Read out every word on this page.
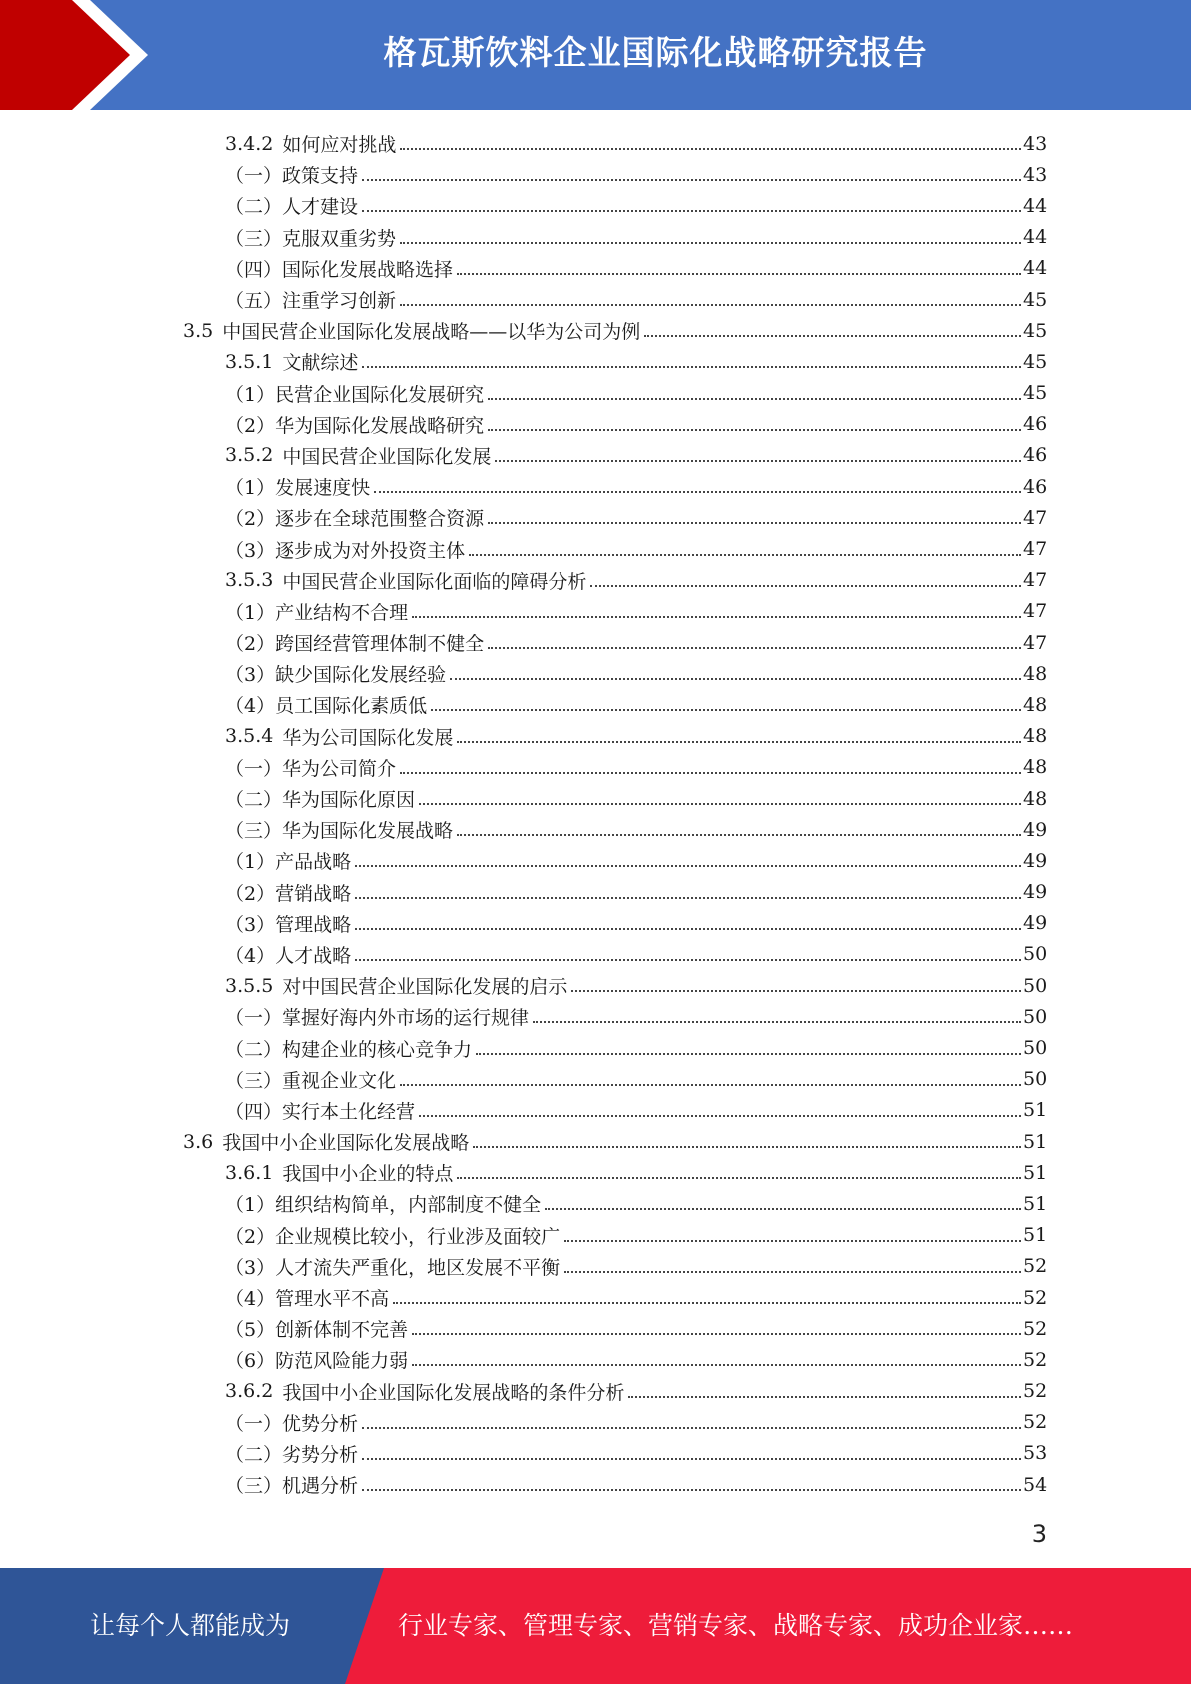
格瓦斯饮料企业国际化战略研究报告
3.4.2 如何应对挑战	43
（一）政策支持	43
（二）人才建设	44
（三）克服双重劣势	44
（四）国际化发展战略选择	44
（五）注重学习创新	45
3.5 中国民营企业国际化发展战略——以华为公司为例	45
3.5.1 文献综述	45
（1）民营企业国际化发展研究	45
（2）华为国际化发展战略研究	46
3.5.2 中国民营企业国际化发展	46
（1）发展速度快	46
（2）逐步在全球范围整合资源	47
（3）逐步成为对外投资主体	47
3.5.3 中国民营企业国际化面临的障碍分析	47
（1）产业结构不合理	47
（2）跨国经营管理体制不健全	47
（3）缺少国际化发展经验	48
（4）员工国际化素质低	48
3.5.4 华为公司国际化发展	48
（一）华为公司简介	48
（二）华为国际化原因	48
（三）华为国际化发展战略	49
（1）产品战略	49
（2）营销战略	49
（3）管理战略	49
（4）人才战略	50
3.5.5 对中国民营企业国际化发展的启示	50
（一）掌握好海内外市场的运行规律	50
（二）构建企业的核心竞争力	50
（三）重视企业文化	50
（四）实行本土化经营	51
3.6 我国中小企业国际化发展战略	51
3.6.1 我国中小企业的特点	51
（1）组织结构简单，内部制度不健全	51
（2）企业规模比较小，行业涉及面较广	51
（3）人才流失严重化，地区发展不平衡	52
（4）管理水平不高	52
（5）创新体制不完善	52
（6）防范风险能力弱	52
3.6.2 我国中小企业国际化发展战略的条件分析	52
（一）优势分析	52
（二）劣势分析	53
（三）机遇分析	54
3
让每个人都能成为	行业专家、管理专家、营销专家、战略专家、成功企业家……
